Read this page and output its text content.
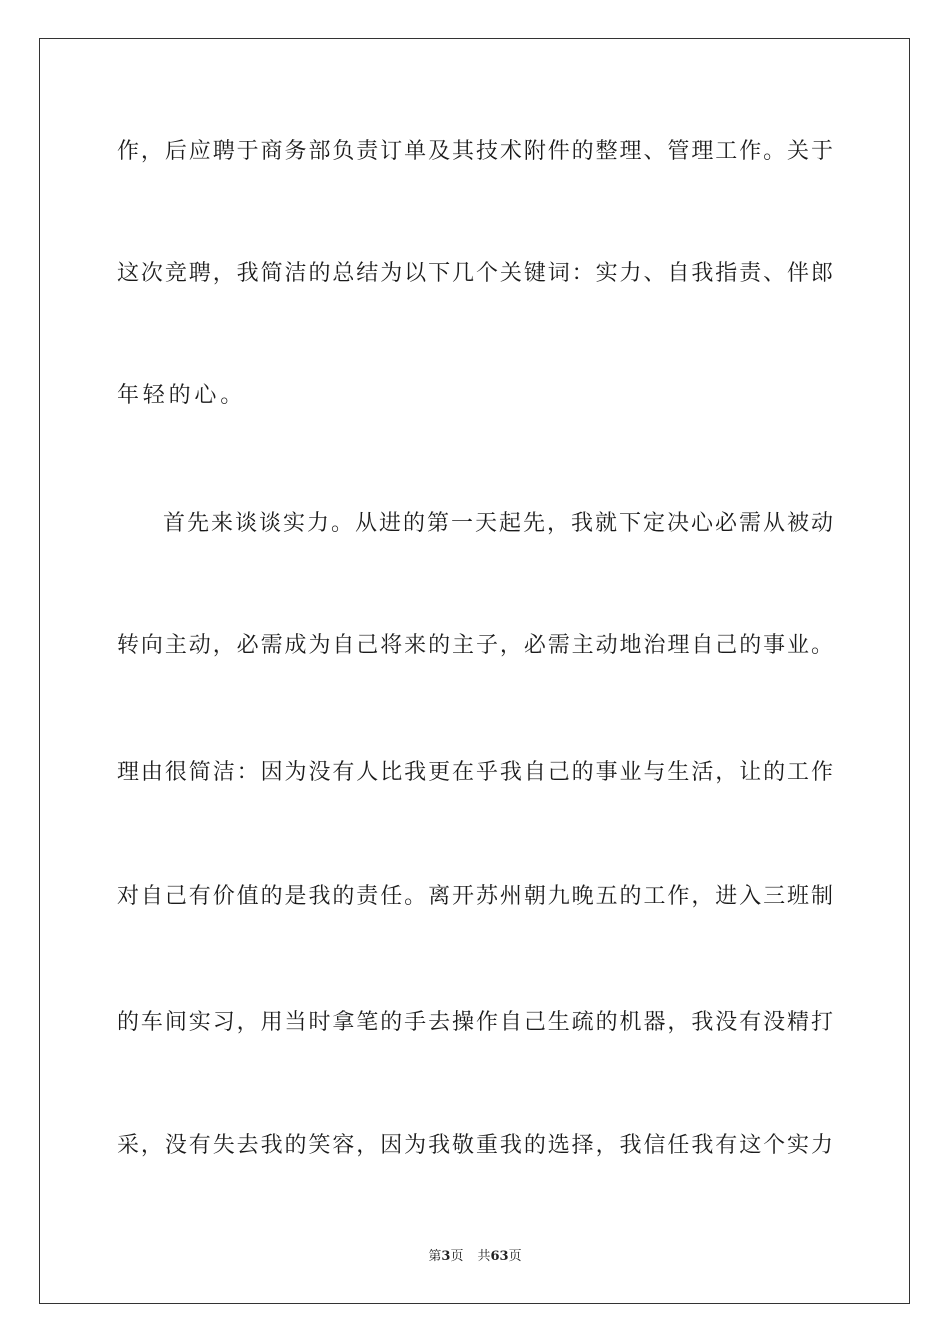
作，后应聘于商务部负责订单及其技术附件的整理、管理工作。关于
这次竞聘，我简洁的总结为以下几个关键词：实力、自我指责、伴郎
年轻的心。
首先来谈谈实力。从进的第一天起先，我就下定决心必需从被动
转向主动，必需成为自己将来的主子，必需主动地治理自己的事业。
理由很简洁：因为没有人比我更在乎我自己的事业与生活，让的工作
对自己有价值的是我的责任。离开苏州朝九晚五的工作，进入三班制
的车间实习，用当时拿笔的手去操作自己生疏的机器，我没有没精打
采，没有失去我的笑容，因为我敬重我的选择，我信任我有这个实力
第3页 共63页
